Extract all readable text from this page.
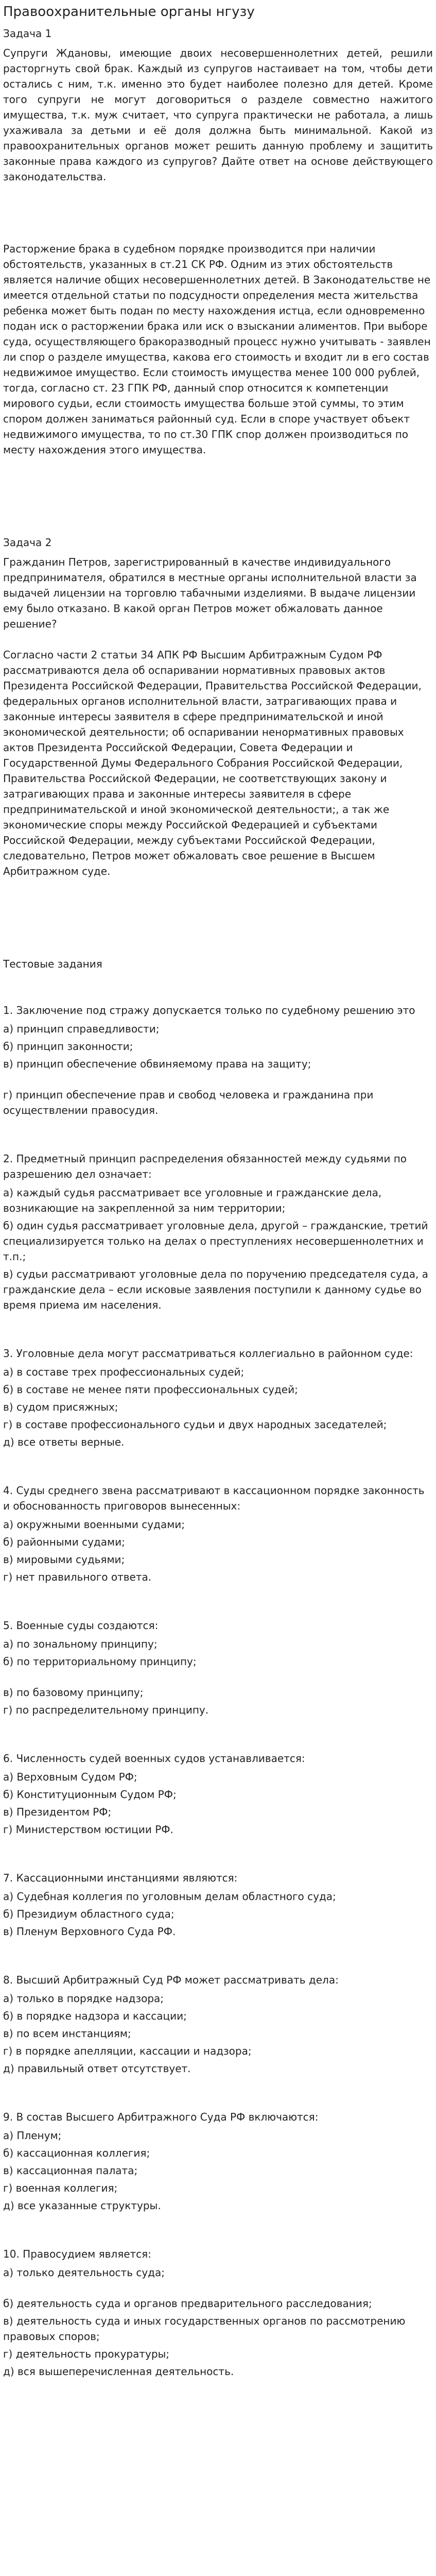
Правоохранительные органы нгузу

Задача 1

Супруги Ждановы, имеющие двоих несовершеннолетних детей, решили расторгнуть свой брак. Каждый из супругов настаивает на том, чтобы дети остались с ним, т.к. именно это будет наиболее полезно для детей. Кроме того супруги не могут договориться о разделе совместно нажитого имущества, т.к. муж считает, что супруга практически не работала, а лишь ухаживала за детьми и её доля должна быть минимальной. Какой из правоохранительных органов может решить данную проблему и защитить законные права каждого из супругов? Дайте ответ на основе действующего законодательства.

Расторжение брака в судебном порядке производится при наличии обстоятельств, указанных в ст.21 СК РФ. Одним из этих обстоятельств является наличие общих несовершеннолетних детей. В Законодательстве не имеется отдельной статьи по подсудности определения места жительства ребенка может быть подан по месту нахождения истца, если одновременно подан иск о расторжении брака или иск о взыскании алиментов. При выборе суда, осуществляющего бракоразводный процесс нужно учитывать - заявлен ли спор о разделе имущества, какова его стоимость и входит ли в его состав недвижимое имущество. Если стоимость имущества менее 100 000 рублей, тогда, согласно ст. 23 ГПК РФ, данный спор относится к компетенции мирового судьи, если стоимость имущества больше этой суммы, то этим спором должен заниматься районный суд. Если в споре участвует объект недвижимого имущества, то по ст.30 ГПК спор должен производиться по месту нахождения этого имущества.

Задача 2

Гражданин Петров, зарегистрированный в качестве индивидуального предпринимателя, обратился в местные органы исполнительной власти за выдачей лицензии на торговлю табачными изделиями. В выдаче лицензии ему было отказано. В какой орган Петров может обжаловать данное решение?

Согласно части 2 статьи 34 АПК РФ Высшим Арбитражным Судом РФ рассматриваются дела об оспаривании нормативных правовых актов Президента Российской Федерации, Правительства Российской Федерации, федеральных органов исполнительной власти, затрагивающих права и законные интересы заявителя в сфере предпринимательской и иной экономической деятельности; об оспаривании ненормативных правовых актов Президента Российской Федерации, Совета Федерации и Государственной Думы Федерального Собрания Российской Федерации, Правительства Российской Федерации, не соответствующих закону и затрагивающих права и законные интересы заявителя в сфере предпринимательской и иной экономической деятельности;, а так же экономические споры между Российской Федерацией и субъектами Российской Федерации, между субъектами Российской Федерации, следовательно, Петров может обжаловать свое решение в Высшем Арбитражном суде.

Тестовые задания

1. Заключение под стражу допускается только по судебному решению это

а) принцип справедливости;

б) принцип законности;

в) принцип обеспечение обвиняемому права на защиту;

г) принцип обеспечение прав и свобод человека и гражданина при осуществлении правосудия.

2. Предметный принцип распределения обязанностей между судьями по разрешению дел означает:

а) каждый судья рассматривает все уголовные и гражданские дела, возникающие на закрепленной за ним территории;

б) один судья рассматривает уголовные дела, другой – гражданские, третий специализируется только на делах о преступлениях несовершеннолетних и т.п.;

в) судьи рассматривают уголовные дела по поручению председателя суда, а гражданские дела – если исковые заявления поступили к данному судье во время приема им населения.

3. Уголовные дела могут рассматриваться коллегиально в районном суде:

а) в составе трех профессиональных судей;

б) в составе не менее пяти профессиональных судей;

в) судом присяжных;

г) в составе профессионального судьи и двух народных заседателей;

д) все ответы верные.

4. Суды среднего звена рассматривают в кассационном порядке законность и обоснованность приговоров вынесенных:

а) окружными военными судами;

б) районными судами;

в) мировыми судьями;

г) нет правильного ответа.

5. Военные суды создаются:

а) по зональному принципу;

б) по территориальному принципу;

в) по базовому принципу;

г) по распределительному принципу.

6. Численность судей военных судов устанавливается:

а) Верховным Судом РФ;

б) Конституционным Судом РФ;

в) Президентом РФ;

г) Министерством юстиции РФ.

7. Кассационными инстанциями являются:

а) Судебная коллегия по уголовным делам областного суда;

б) Президиум областного суда;

в) Пленум Верховного Суда РФ.

8. Высший Арбитражный Суд РФ может рассматривать дела:

а) только в порядке надзора;

б) в порядке надзора и кассации;

в) по всем инстанциям;

г) в порядке апелляции, кассации и надзора;

д) правильный ответ отсутствует.

9. В состав Высшего Арбитражного Суда РФ включаются:

а) Пленум;

б) кассационная коллегия;

в) кассационная палата;

г) военная коллегия;

д) все указанные структуры.

10. Правосудием является:

а) только деятельность суда;

б) деятельность суда и органов предварительного расследования;

в) деятельность суда и иных государственных органов по рассмотрению правовых споров;

г) деятельность прокуратуры;

д) вся вышеперечисленная деятельность.
